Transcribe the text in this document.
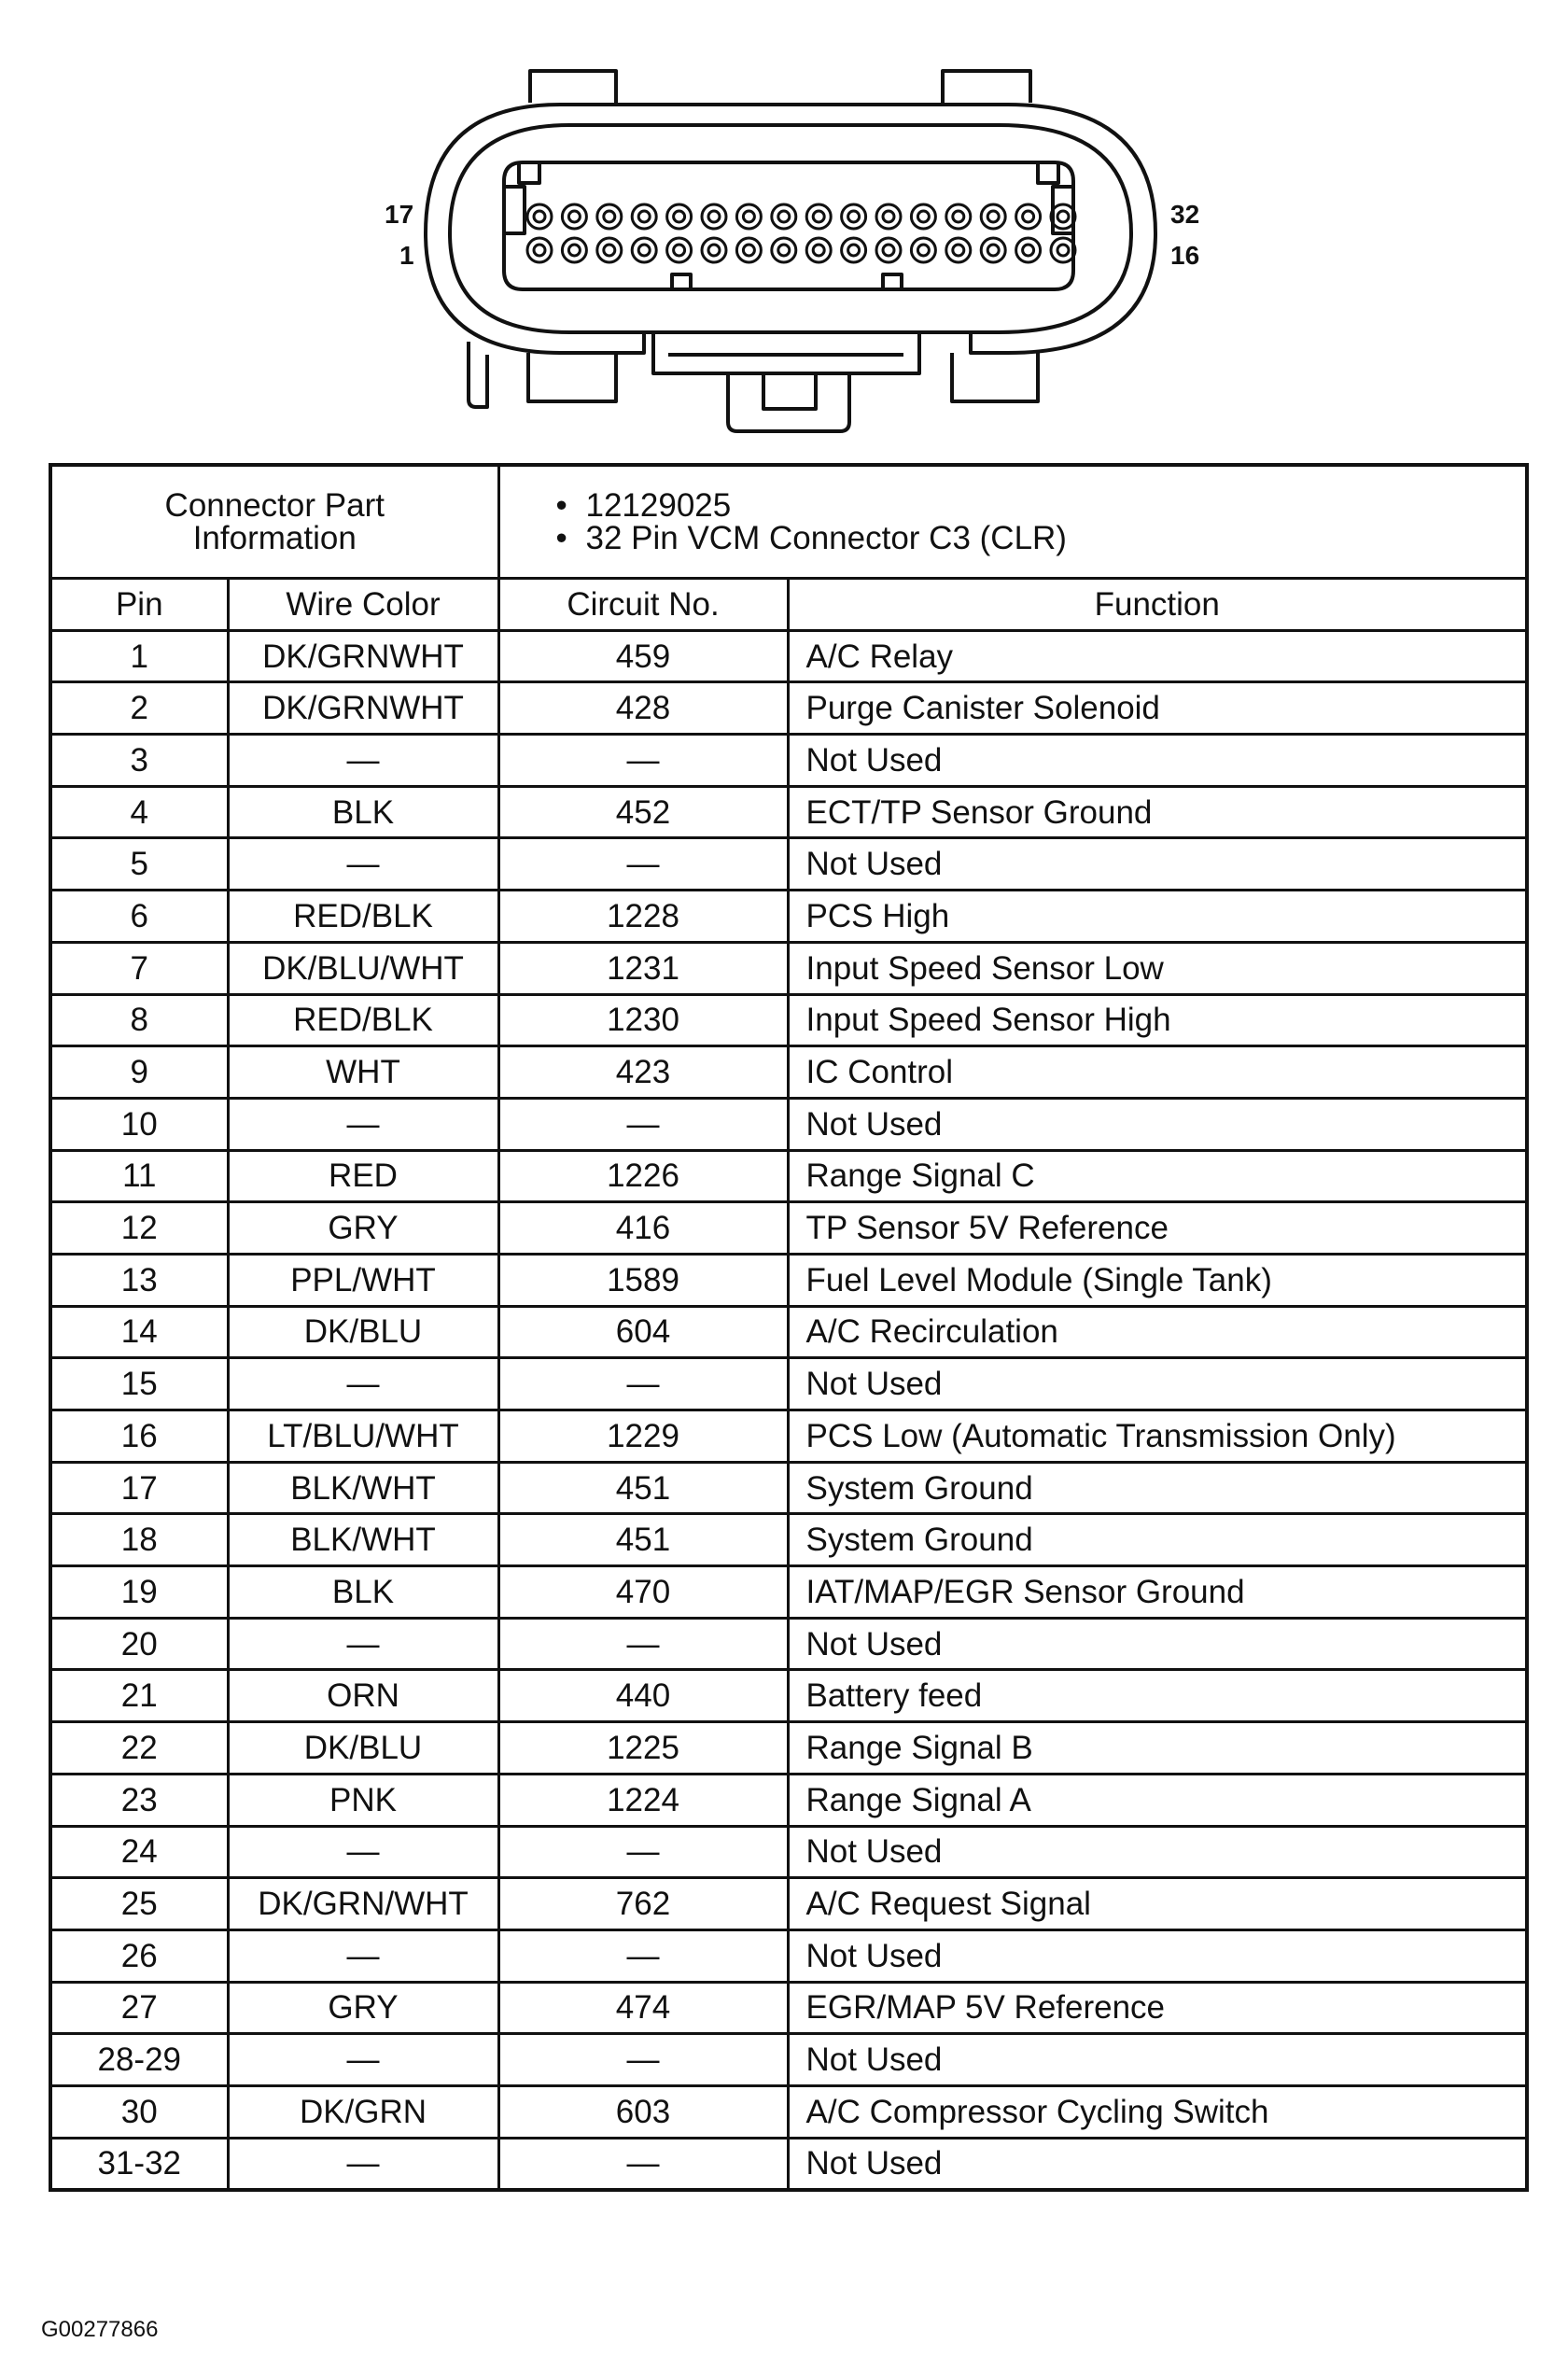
17
1
32
16
Connector Part Information		• 12129025
• 32 Pin VCM Connector C3 (CLR)	

Pin	Wire Color	Circuit No.	Function
1	DK/GRNWHT	459	A/C Relay
2	DK/GRNWHT	428	Purge Canister Solenoid
3	—	—	Not Used
4	BLK	452	ECT/TP Sensor Ground
5	—	—	Not Used
6	RED/BLK	1228	PCS High
7	DK/BLU/WHT	1231	Input Speed Sensor Low
8	RED/BLK	1230	Input Speed Sensor High
9	WHT	423	IC Control
10	—	—	Not Used
11	RED	1226	Range Signal C
12	GRY	416	TP Sensor 5V Reference
13	PPL/WHT	1589	Fuel Level Module (Single Tank)
14	DK/BLU	604	A/C Recirculation
15	—	—	Not Used
16	LT/BLU/WHT	1229	PCS Low (Automatic Transmission Only)
17	BLK/WHT	451	System Ground
18	BLK/WHT	451	System Ground
19	BLK	470	IAT/MAP/EGR Sensor Ground
20	—	—	Not Used
21	ORN	440	Battery feed
22	DK/BLU	1225	Range Signal B
23	PNK	1224	Range Signal A
24	—	—	Not Used
25	DK/GRN/WHT	762	A/C Request Signal
26	—	—	Not Used
27	GRY	474	EGR/MAP 5V Reference
28-29	—	—	Not Used
30	DK/GRN	603	A/C Compressor Cycling Switch
31-32	—	—	Not Used
G00277866
